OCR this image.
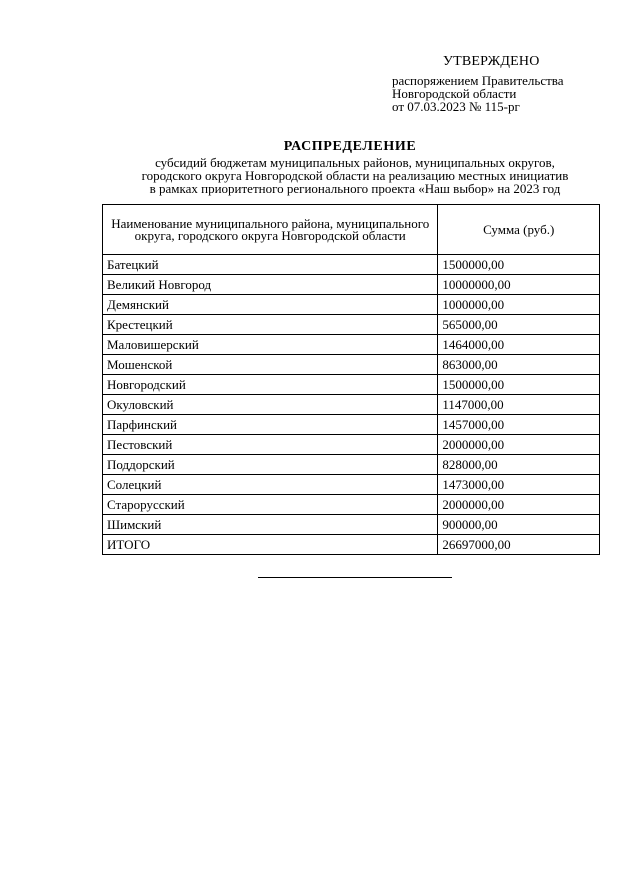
УТВЕРЖДЕНО
распоряжением Правительства
Новгородской области
от 07.03.2023 № 115-рг
РАСПРЕДЕЛЕНИЕ
субсидий бюджетам муниципальных районов, муниципальных округов,
городского округа Новгородской области на реализацию местных инициатив
в рамках приоритетного регионального проекта «Наш выбор» на 2023 год
Наименование муниципального района, муниципального округа, городского округа Новгородской области	Сумма (руб.)
Батецкий	1500000,00
Великий Новгород	10000000,00
Демянский	1000000,00
Крестецкий	565000,00
Маловишерский	1464000,00
Мошенской	863000,00
Новгородский	1500000,00
Окуловский	1147000,00
Парфинский	1457000,00
Пестовский	2000000,00
Поддорский	828000,00
Солецкий	1473000,00
Старорусский	2000000,00
Шимский	900000,00
ИТОГО	26697000,00
